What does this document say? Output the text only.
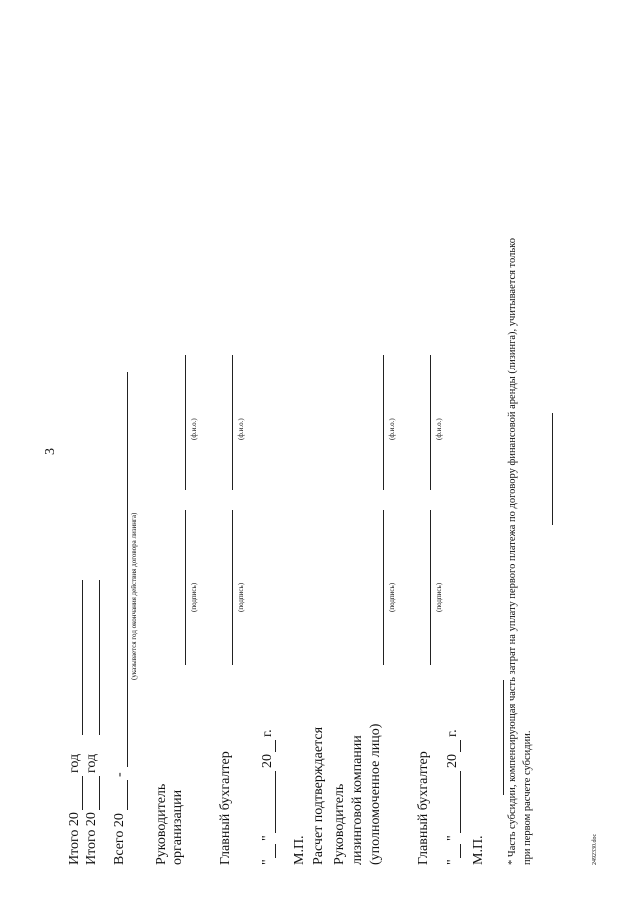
3
Итого 20
год
Итого 20
год
Всего 20
-
(указывается год окончания действия договора лизинга)
Руководитель организации
(подпись)
(ф.и.о.)
Главный бухгалтер
(подпись)
(ф.и.о.)
"
"
20
г.
М.П. Расчет подтверждается Руководитель лизинговой компании (уполномоченное лицо)
(подпись)
(ф.и.о.)
Главный бухгалтер
(подпись)
(ф.и.о.)
"
"
20
г.
М.П. * Часть субсидии, компенсирующая часть затрат на уплату первого платежа по договору финансовой аренды (лизинга), учитывается только при первом расчете субсидии.	2492330.doc
